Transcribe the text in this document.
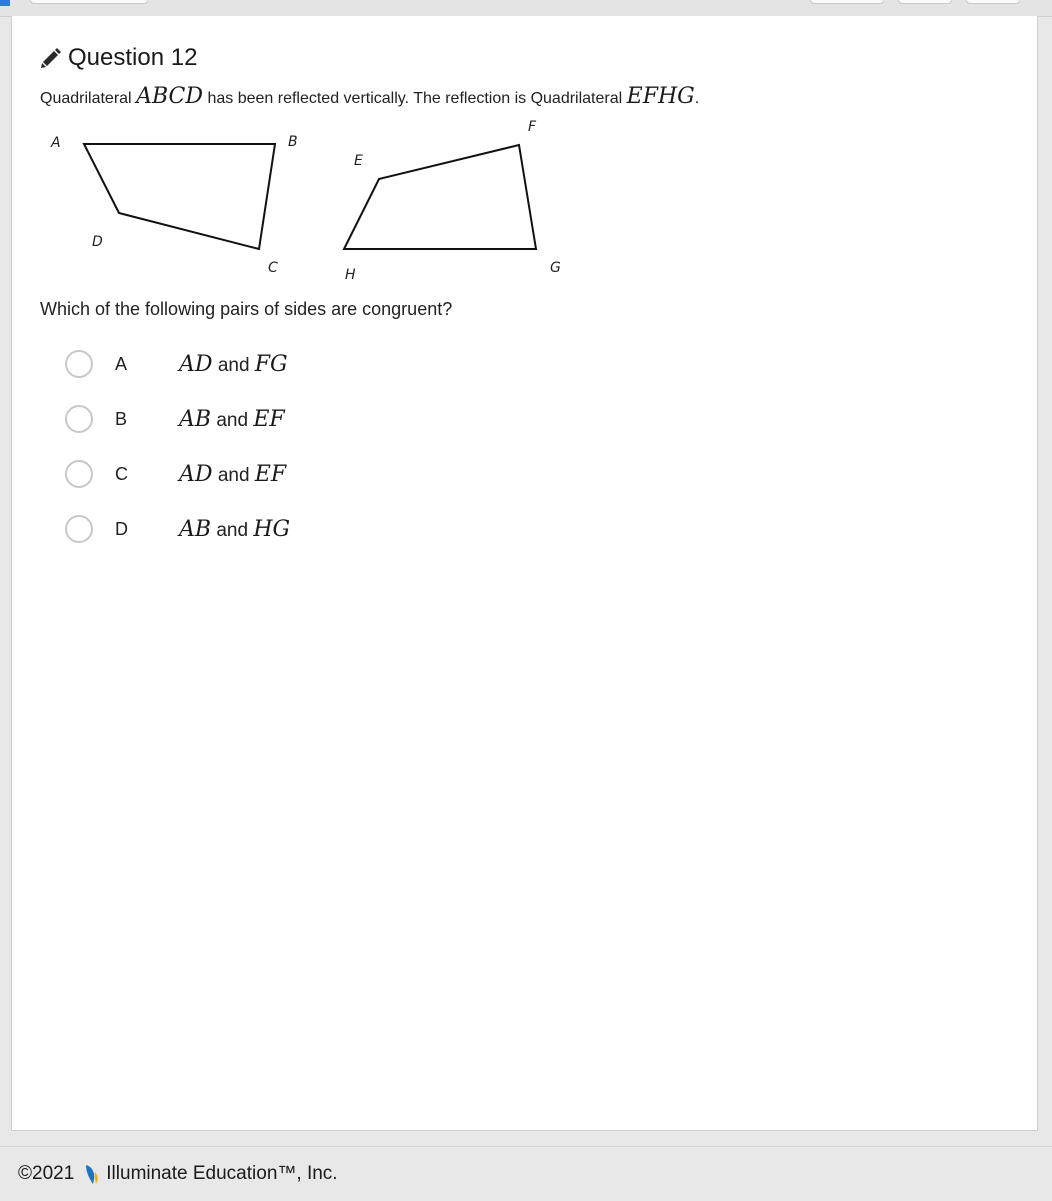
Question 12
Quadrilateral ABCD has been reflected vertically. The reflection is Quadrilateral EFHG.
A	B
C
D
E
F
G
H
Which of the following pairs of sides are congruent?
A AD and FG
B AB and EF
C AD and EF
D AB and HG
©2021 Illuminate Education™, Inc.
